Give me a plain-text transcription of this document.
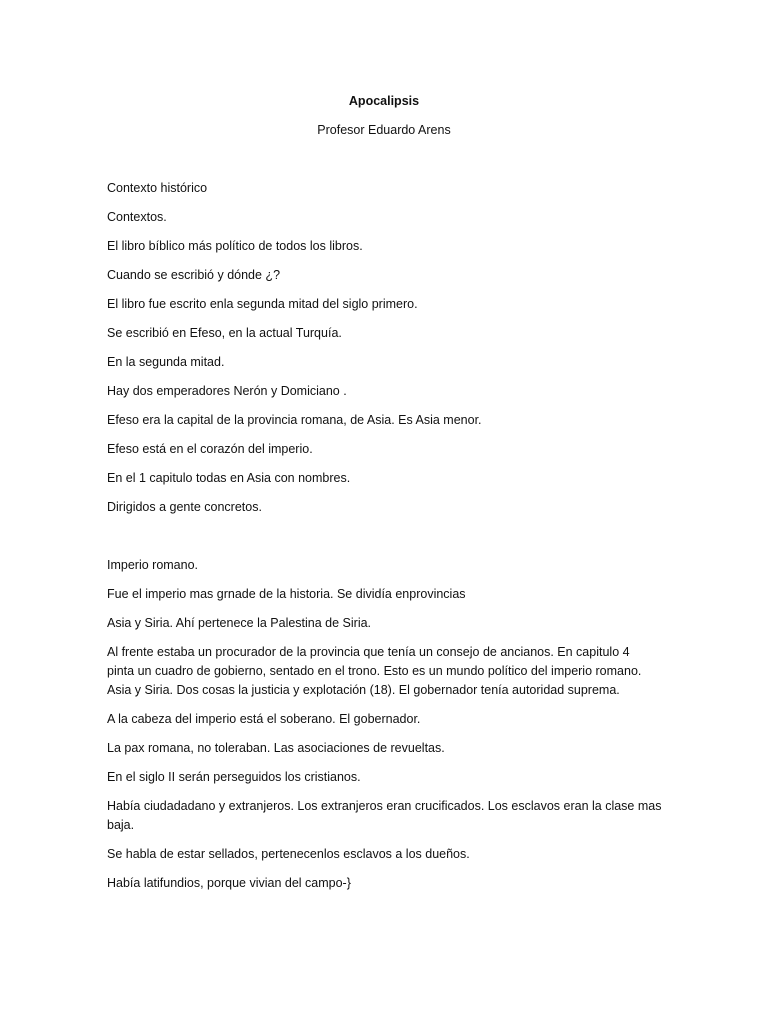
Apocalipsis
Profesor Eduardo Arens
Contexto histórico
Contextos.
El libro bíblico más político de todos los libros.
Cuando se escribió y dónde ¿?
El libro fue escrito enla segunda mitad del siglo primero.
Se escribió en Efeso, en la actual Turquía.
En la segunda mitad.
Hay dos emperadores Nerón y Domiciano .
Efeso era la capital de la provincia romana, de Asia. Es Asia menor.
Efeso está en el corazón del imperio.
En el 1 capitulo todas en Asia con nombres.
Dirigidos a gente concretos.
Imperio romano.
Fue el imperio mas grnade de la historia. Se dividía enprovincias
Asia y Siria. Ahí pertenece la Palestina de Siria.
Al frente estaba un procurador de la provincia que tenía un consejo de ancianos. En capitulo 4
pinta un cuadro de gobierno, sentado en el trono. Esto es un mundo político del imperio romano.
Asia y Siria. Dos cosas la justicia y explotación (18). El gobernador tenía autoridad suprema.
A la cabeza del imperio está el soberano. El gobernador.
La pax romana, no toleraban. Las asociaciones de revueltas.
En el siglo II serán perseguidos los cristianos.
Había ciudadadano y extranjeros. Los extranjeros eran crucificados. Los esclavos eran la clase mas
baja.
Se habla de estar sellados, pertenecenlos esclavos a los dueños.
Había latifundios, porque vivian del campo-}
